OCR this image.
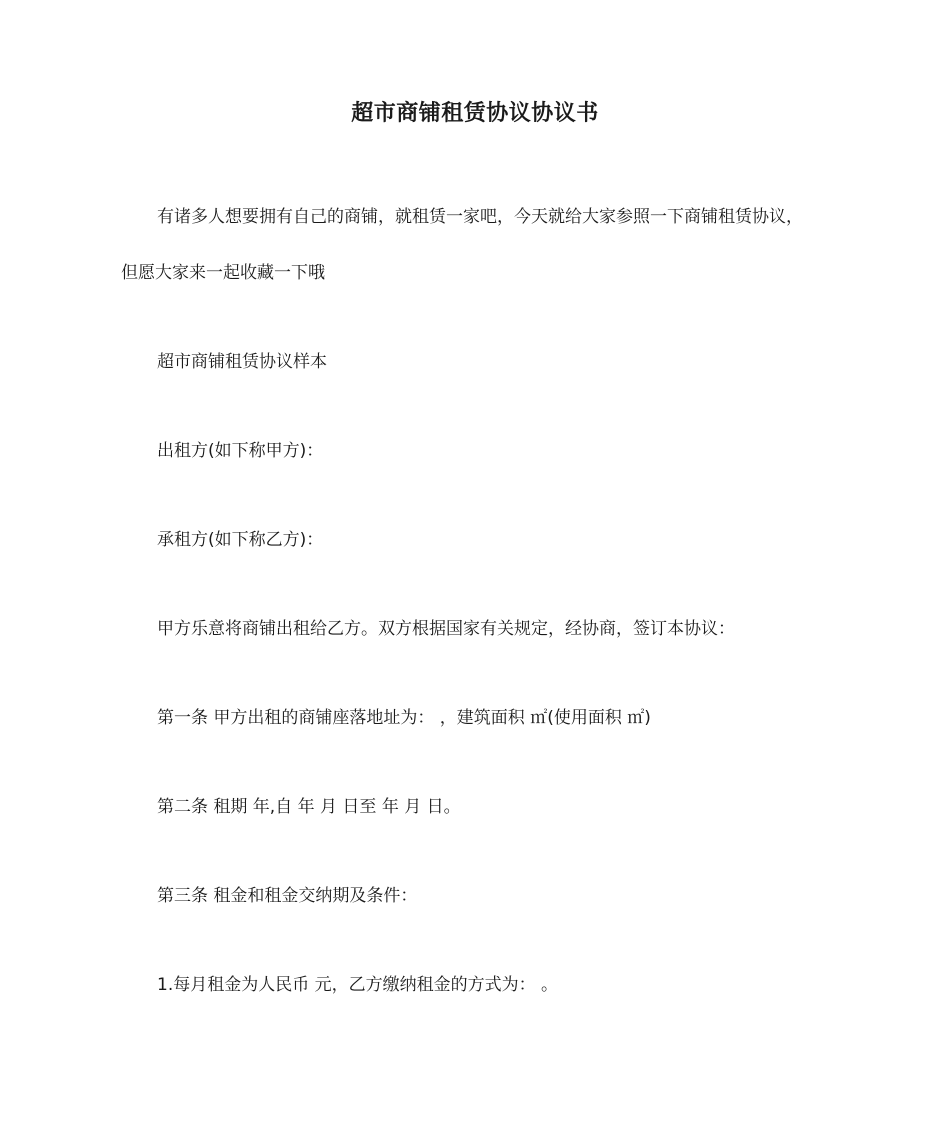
超市商铺租赁协议协议书
有诸多人想要拥有自己的商铺，就租赁一家吧，今天就给大家参照一下商铺租赁协议，
但愿大家来一起收藏一下哦
超市商铺租赁协议样本
出租方(如下称甲方)：
承租方(如下称乙方)：
甲方乐意将商铺出租给乙方。双方根据国家有关规定，经协商，签订本协议：
第一条 甲方出租的商铺座落地址为： ，建筑面积 ㎡(使用面积 ㎡)
第二条 租期 年,自 年 月 日至 年 月 日。
第三条 租金和租金交纳期及条件：
1.每月租金为人民币 元，乙方缴纳租金的方式为： 。
